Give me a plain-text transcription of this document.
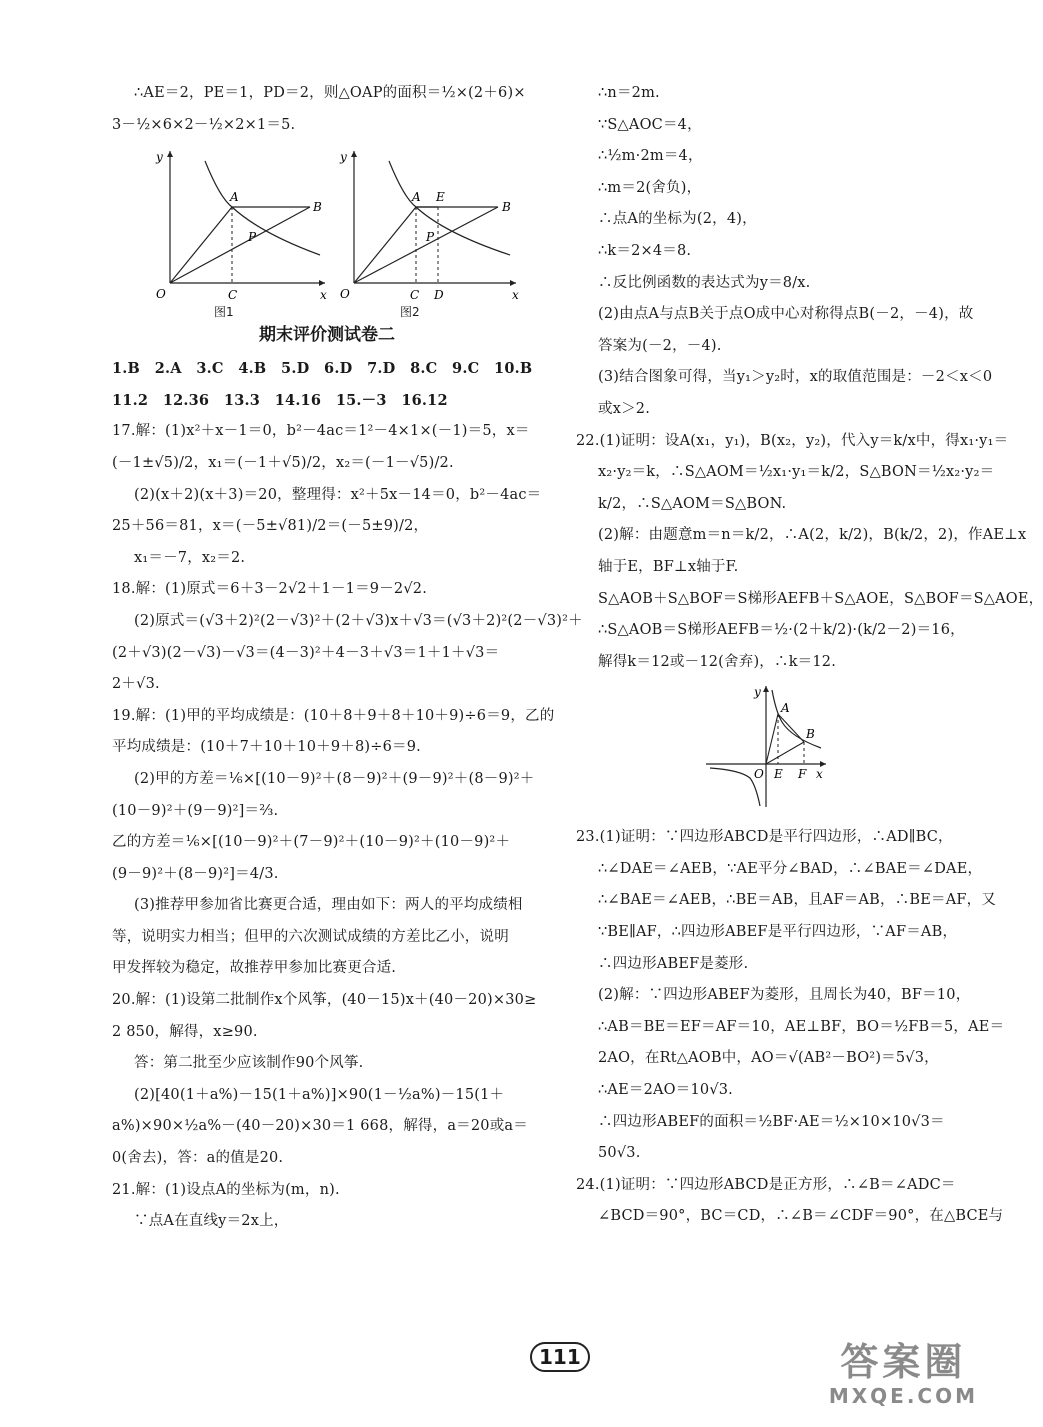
∴AE＝2，PE＝1，PD＝2，则△OAP的面积＝½×(2＋6)×
3－½×6×2－½×2×1＝5.
y
x
O
A
B
C
P
图1
y
x
O
A E
B
C D
P
图2
期末评价测试卷二
1.B　2.A　3.C　4.B　5.D　6.D　7.D　8.C　9.C　10.B
11.2　12.36　13.3　14.16　15.－3　16.12
17.解：(1)x²＋x－1＝0，b²－4ac＝1²－4×1×(－1)＝5，x＝
(－1±√5)/2，x₁＝(－1＋√5)/2，x₂＝(－1－√5)/2.
(2)(x＋2)(x＋3)＝20，整理得：x²＋5x－14＝0，b²－4ac＝
25＋56＝81，x＝(－5±√81)/2＝(－5±9)/2，
x₁＝－7，x₂＝2.
18.解：(1)原式＝6＋3－2√2＋1－1＝9－2√2.
(2)原式＝(√3＋2)²(2－√3)²＋(2＋√3)x＋√3＝(√3＋2)²(2－√3)²＋
(2＋√3)(2－√3)－√3＝(4－3)²＋4－3＋√3＝1＋1＋√3＝
2＋√3.
19.解：(1)甲的平均成绩是：(10＋8＋9＋8＋10＋9)÷6＝9，乙的
平均成绩是：(10＋7＋10＋10＋9＋8)÷6＝9.
(2)甲的方差＝⅙×[(10－9)²＋(8－9)²＋(9－9)²＋(8－9)²＋
(10－9)²＋(9－9)²]＝⅔.
乙的方差＝⅙×[(10－9)²＋(7－9)²＋(10－9)²＋(10－9)²＋
(9－9)²＋(8－9)²]＝4/3.
(3)推荐甲参加省比赛更合适，理由如下：两人的平均成绩相
等，说明实力相当；但甲的六次测试成绩的方差比乙小，说明
甲发挥较为稳定，故推荐甲参加比赛更合适.
20.解：(1)设第二批制作x个风筝，(40－15)x＋(40－20)×30≥
2 850，解得，x≥90.
答：第二批至少应该制作90个风筝.
(2)[40(1＋a%)－15(1＋a%)]×90(1－½a%)－15(1＋
a%)×90×½a%－(40－20)×30＝1 668，解得，a＝20或a＝
0(舍去)，答：a的值是20.
21.解：(1)设点A的坐标为(m，n).
∵点A在直线y＝2x上，
∴n＝2m.
∵S△AOC＝4，
∴½m·2m＝4，
∴m＝2(舍负)，
∴点A的坐标为(2，4)，
∴k＝2×4＝8.
∴反比例函数的表达式为y＝8/x.
(2)由点A与点B关于点O成中心对称得点B(－2，－4)，故
答案为(－2，－4).
(3)结合图象可得，当y₁＞y₂时，x的取值范围是：－2＜x＜0
或x＞2.
22.(1)证明：设A(x₁，y₁)，B(x₂，y₂)，代入y＝k/x中，得x₁·y₁＝
x₂·y₂＝k，∴S△AOM＝½x₁·y₁＝k/2，S△BON＝½x₂·y₂＝
k/2，∴S△AOM＝S△BON.
(2)解：由题意m＝n＝k/2，∴A(2，k/2)，B(k/2，2)，作AE⊥x
轴于E，BF⊥x轴于F.
S△AOB＋S△BOF＝S梯形AEFB＋S△AOE，S△BOF＝S△AOE，
∴S△AOB＝S梯形AEFB＝½·(2＋k/2)·(k/2－2)＝16，
解得k＝12或－12(舍弃)，∴k＝12.
y
x
O
A
B
E F
23.(1)证明：∵四边形ABCD是平行四边形，∴AD∥BC，
∴∠DAE＝∠AEB，∵AE平分∠BAD，∴∠BAE＝∠DAE，
∴∠BAE＝∠AEB，∴BE＝AB，且AF＝AB，∴BE＝AF，又
∵BE∥AF，∴四边形ABEF是平行四边形，∵AF＝AB，
∴四边形ABEF是菱形.
(2)解：∵四边形ABEF为菱形，且周长为40，BF＝10，
∴AB＝BE＝EF＝AF＝10，AE⊥BF，BO＝½FB＝5，AE＝
2AO，在Rt△AOB中，AO＝√(AB²－BO²)＝5√3，
∴AE＝2AO＝10√3.
∴四边形ABEF的面积＝½BF·AE＝½×10×10√3＝
50√3.
24.(1)证明：∵四边形ABCD是正方形，∴∠B＝∠ADC＝
∠BCD＝90°，BC＝CD，∴∠B＝∠CDF＝90°，在△BCE与
111	答案圈
MXQE.COM
